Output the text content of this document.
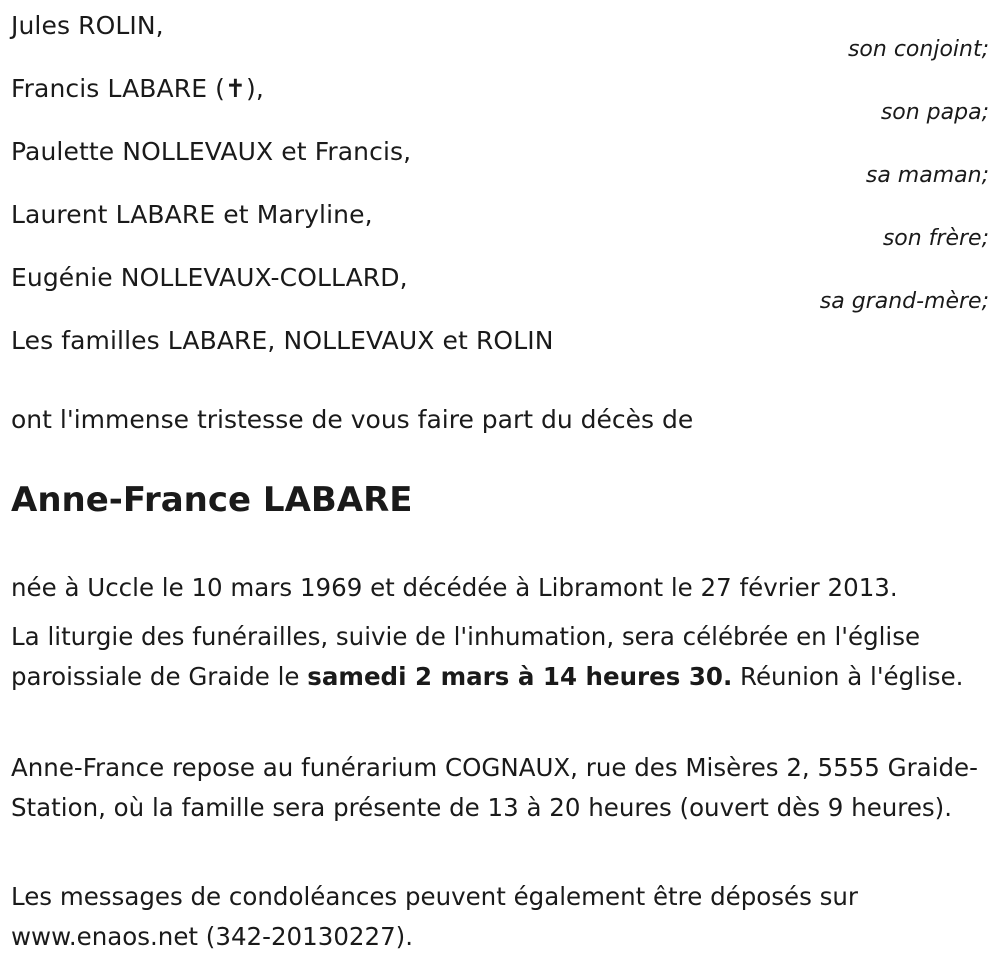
Jules ROLIN,
son conjoint;
Francis LABARE (✝),
son papa;
Paulette NOLLEVAUX et Francis,
sa maman;
Laurent LABARE et Maryline,
son frère;
Eugénie NOLLEVAUX-COLLARD,
sa grand-mère;
Les familles LABARE, NOLLEVAUX et ROLIN
ont l'immense tristesse de vous faire part du décès de
Anne-France LABARE

née à Uccle le 10 mars 1969 et décédée à Libramont le 27 février 2013.

La liturgie des funérailles, suivie de l'inhumation, sera célébrée en l'église paroissiale de Graide le samedi 2 mars à 14 heures 30. Réunion à l'église.

Anne-France repose au funérarium COGNAUX, rue des Misères 2, 5555 Graide-Station, où la famille sera présente de 13 à 20 heures (ouvert dès 9 heures).

Les messages de condoléances peuvent également être déposés sur www.enaos.net (342-20130227).
